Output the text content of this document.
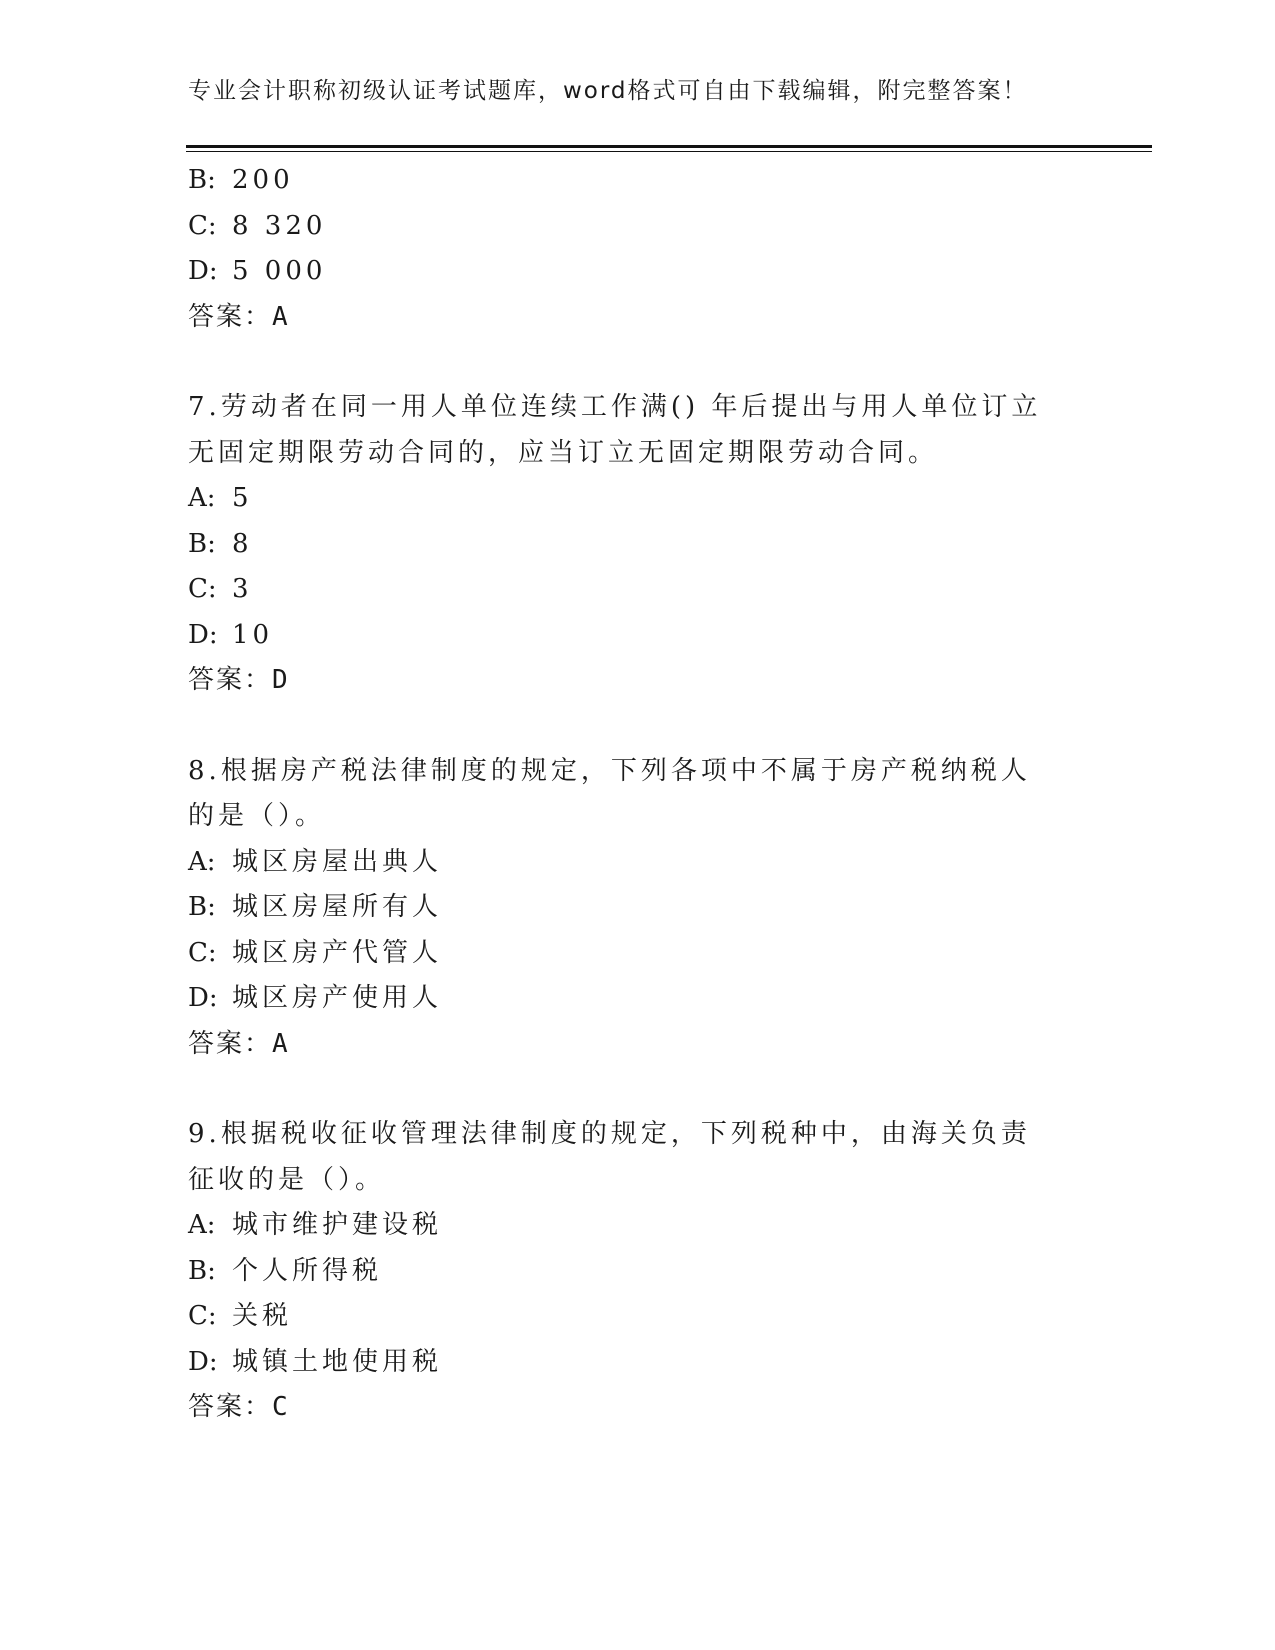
专业会计职称初级认证考试题库，word格式可自由下载编辑，附完整答案！
B: 200
C: 8 320
D: 5 000
答案：A
7.劳动者在同一用人单位连续工作满() 年后提出与用人单位订立无固定期限劳动合同的，应当订立无固定期限劳动合同。
A: 5
B: 8
C: 3
D: 10
答案：D
8.根据房产税法律制度的规定，下列各项中不属于房产税纳税人的是（）。
A: 城区房屋出典人
B: 城区房屋所有人
C: 城区房产代管人
D: 城区房产使用人
答案：A
9.根据税收征收管理法律制度的规定，下列税种中，由海关负责征收的是（）。
A: 城市维护建设税
B: 个人所得税
C: 关税
D: 城镇土地使用税
答案：C
